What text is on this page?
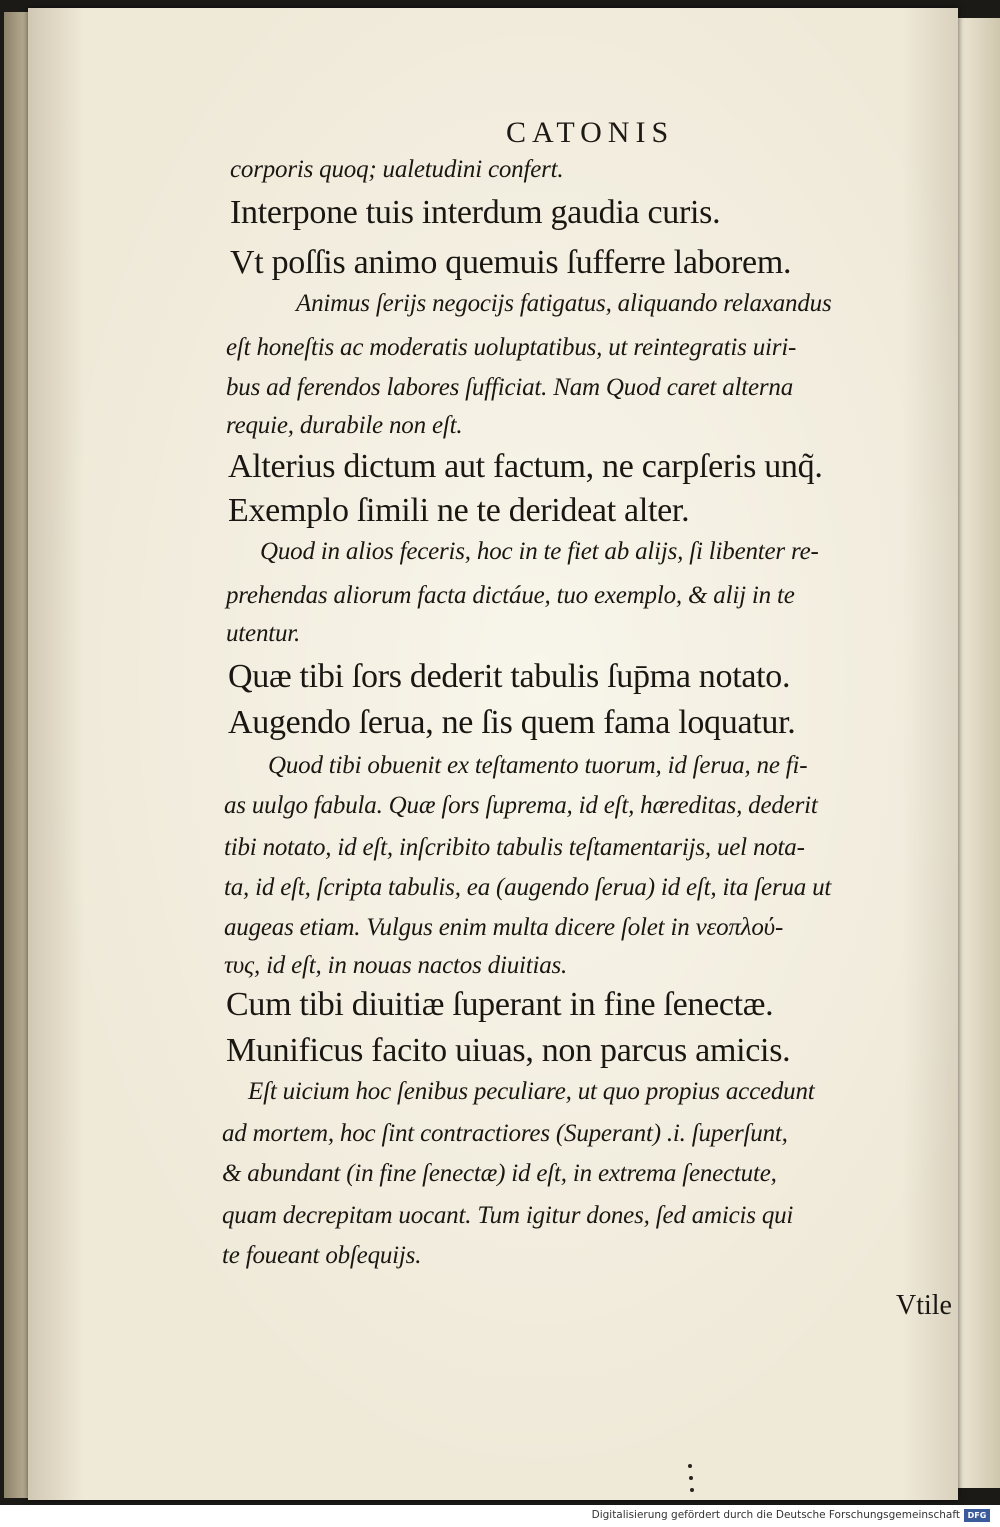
CATONIS
corporis quoq; ualetudini confert.
Interpone tuis interdum gaudia curis.
Vt poſſis animo quemuis ſufferre laborem.
Animus ſerijs negocijs fatigatus, aliquando relaxandus
eſt honeſtis ac moderatis uoluptatibus, ut reintegratis uiri-
bus ad ferendos labores ſufficiat. Nam Quod caret alterna
requie, durabile non eſt.
Alterius dictum aut factum, ne carpſeris unq̃.
Exemplo ſimili ne te derideat alter.
Quod in alios feceris, hoc in te fiet ab alijs, ſi libenter re-
prehendas aliorum facta dictáue, tuo exemplo, & alij in te
utentur.
Quæ tibi ſors dederit tabulis ſup̄ma notato.
Augendo ſerua, ne ſis quem fama loquatur.
Quod tibi obuenit ex teſtamento tuorum, id ſerua, ne fi-
as uulgo fabula. Quæ ſors ſuprema, id eſt, hæreditas, dederit
tibi notato, id eſt, inſcribito tabulis teſtamentarijs, uel nota-
ta, id eſt, ſcripta tabulis, ea (augendo ſerua) id eſt, ita ſerua ut
augeas etiam. Vulgus enim multa dicere ſolet in νεοπλού-
τυς, id eſt, in nouas nactos diuitias.
Cum tibi diuitiæ ſuperant in fine ſenectæ.
Munificus facito uiuas, non parcus amicis.
Eſt uicium hoc ſenibus peculiare, ut quo propius accedunt
ad mortem, hoc ſint contractiores (Superant) .i. ſuperſunt,
& abundant (in fine ſenectæ) id eſt, in extrema ſenectute,
quam decrepitam uocant. Tum igitur dones, ſed amicis qui
te foueant obſequijs.
Vtile
Digitalisierung gefördert durch die Deutsche Forschungsgemeinschaft DFG
